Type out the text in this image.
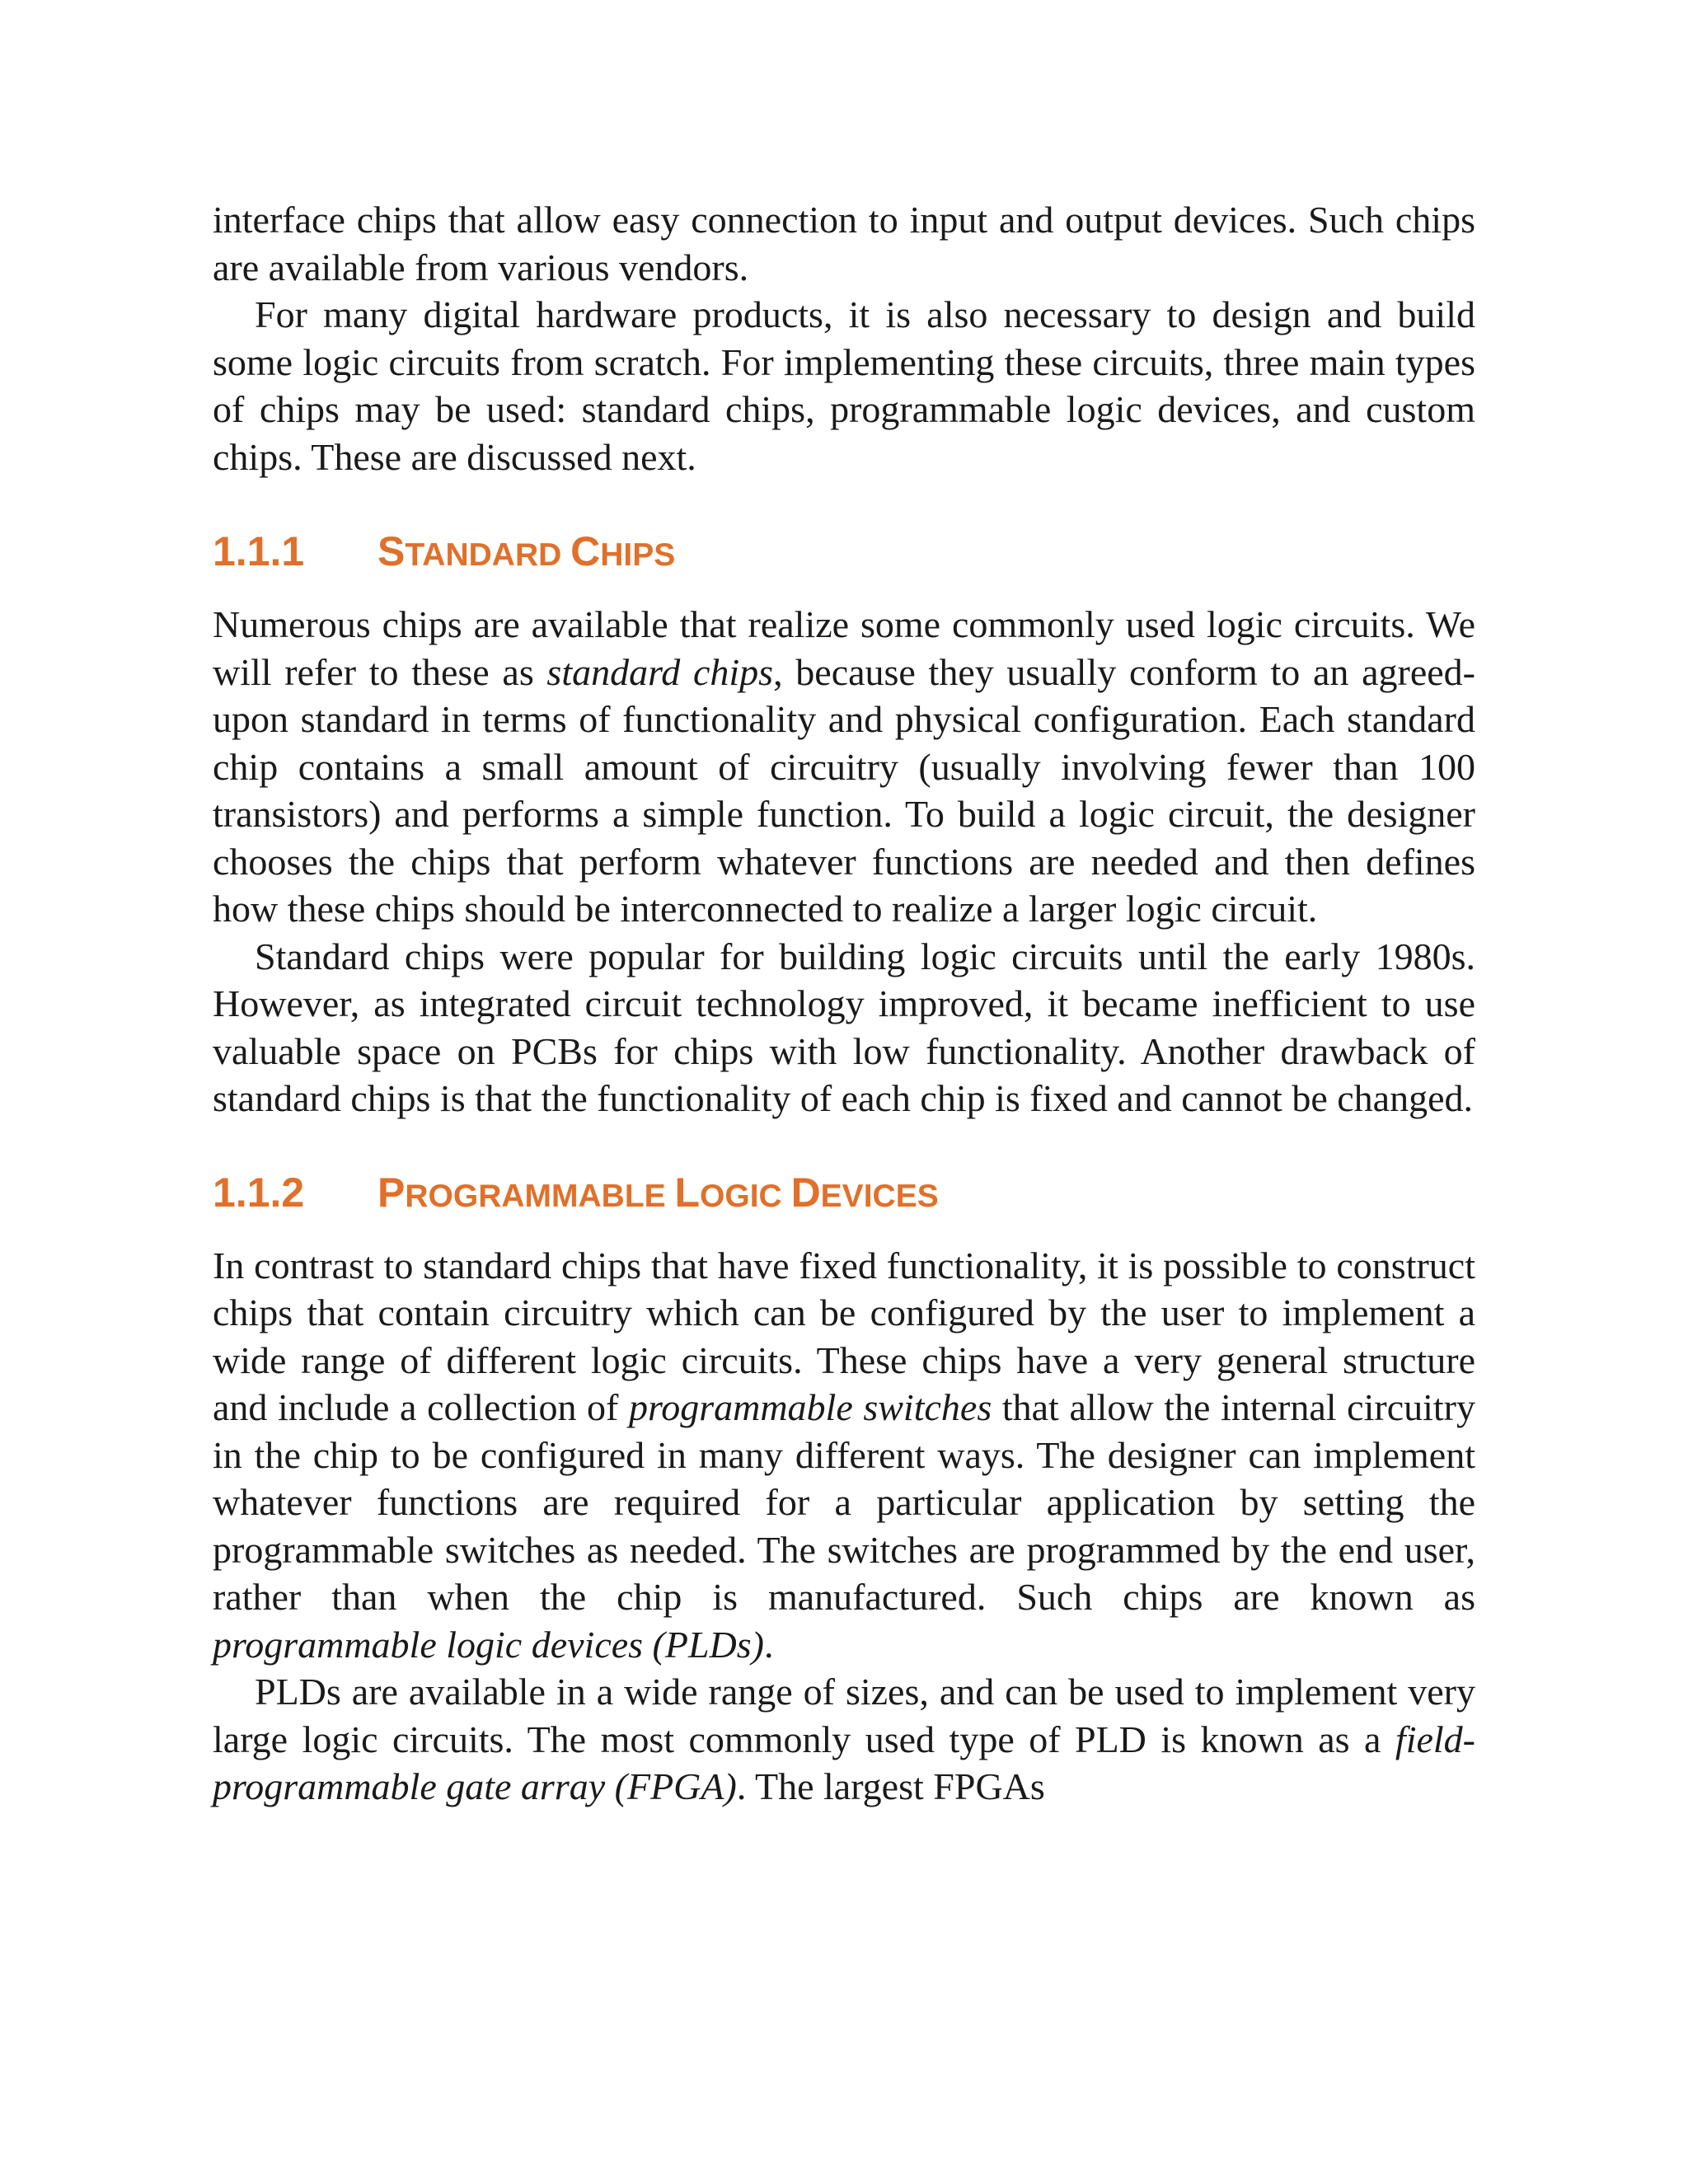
interface chips that allow easy connection to input and output devices. Such chips are available from various vendors.

For many digital hardware products, it is also necessary to design and build some logic circuits from scratch. For implementing these circuits, three main types of chips may be used: standard chips, programmable logic devices, and custom chips. These are discussed next.

1.1.1 STANDARD CHIPS

Numerous chips are available that realize some commonly used logic circuits. We will refer to these as standard chips, because they usually conform to an agreed-upon standard in terms of functionality and physical configuration. Each standard chip contains a small amount of circuitry (usually involving fewer than 100 transistors) and performs a simple function. To build a logic circuit, the designer chooses the chips that perform whatever functions are needed and then defines how these chips should be interconnected to realize a larger logic circuit.

Standard chips were popular for building logic circuits until the early 1980s. However, as integrated circuit technology improved, it became inefficient to use valuable space on PCBs for chips with low functionality. Another drawback of standard chips is that the functionality of each chip is fixed and cannot be changed.

1.1.2 PROGRAMMABLE LOGIC DEVICES

In contrast to standard chips that have fixed functionality, it is possible to construct chips that contain circuitry which can be configured by the user to implement a wide range of different logic circuits. These chips have a very general structure and include a collection of programmable switches that allow the internal circuitry in the chip to be configured in many different ways. The designer can implement whatever functions are required for a particular application by setting the programmable switches as needed. The switches are programmed by the end user, rather than when the chip is manufactured. Such chips are known as programmable logic devices (PLDs).

PLDs are available in a wide range of sizes, and can be used to implement very large logic circuits. The most commonly used type of PLD is known as a field-programmable gate array (FPGA). The largest FPGAs
